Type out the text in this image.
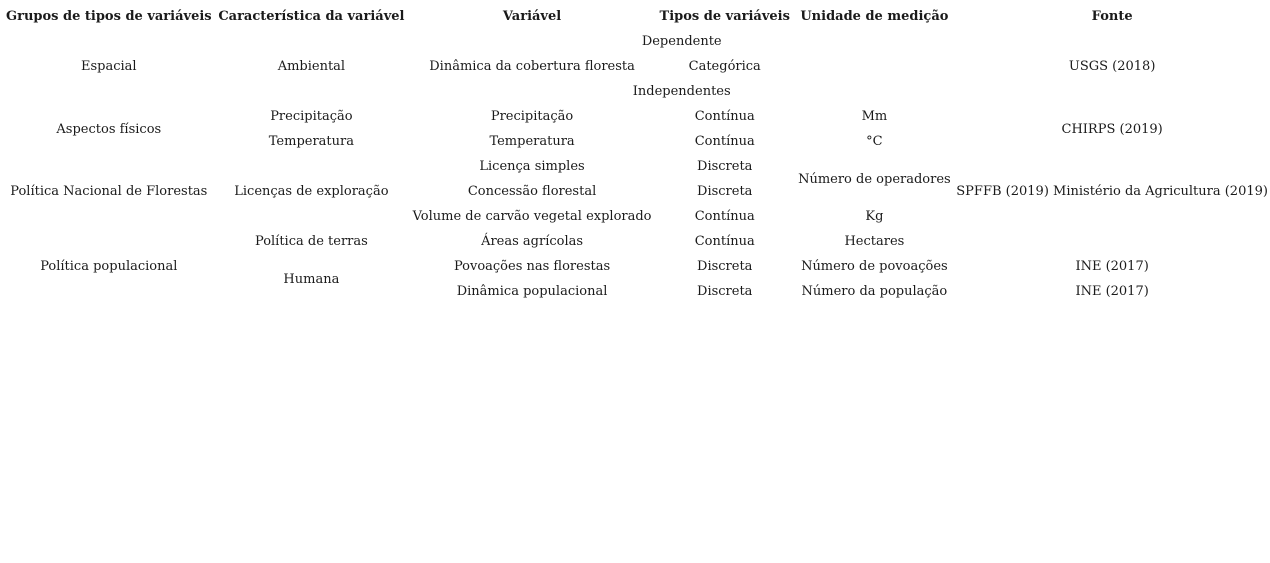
Grupos de tipos de variáveis	Característica da variável	Variável	Tipos de variáveis	Unidade de medição	Fonte
		Dependente			
Espacial	Ambiental	Dinâmica da cobertura floresta	Categórica		USGS (2018)
		Independentes			
Aspectos físicos	Precipitação	Precipitação	Contínua	Mm	CHIRPS (2019)
	Temperatura	Temperatura	Contínua	°C	
Política Nacional de Florestas	Licenças de exploração	Licença simples	Discreta	Número de operadores	SPFFB (2019) Ministério da Agricultura (2019)
		Concessão florestal	Discreta		
		Volume de carvão vegetal explorado	Contínua	Kg	
Política populacional	Política de terras	Áreas agrícolas	Contínua	Hectares	
	Humana	Povoações nas florestas	Discreta	Número de povoações	INE (2017)
		Dinâmica populacional	Discreta	Número da população	INE (2017)
